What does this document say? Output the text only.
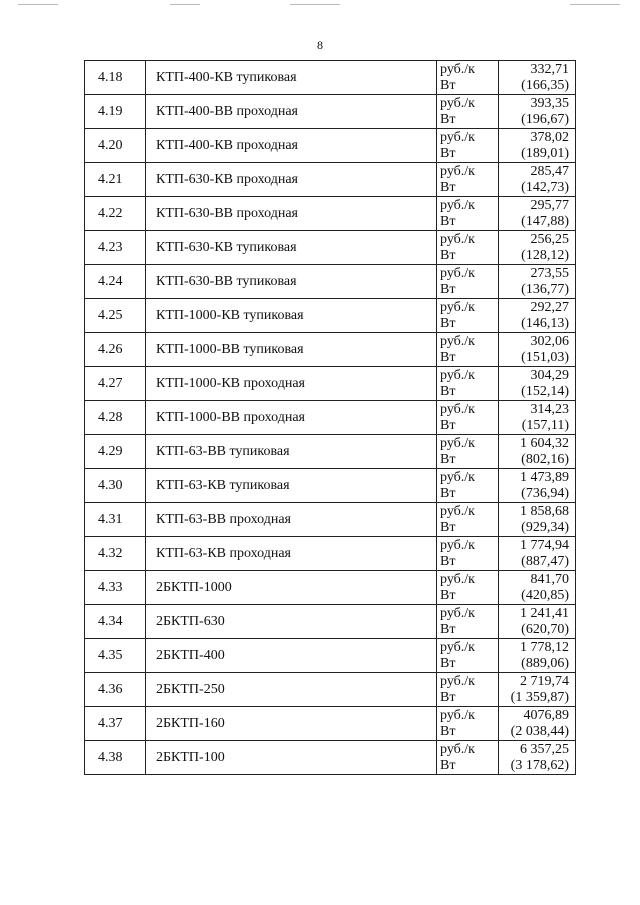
8
4.18	КТП-400-КВ тупиковая	руб./к
Вт	332,71
(166,35)

4.19	КТП-400-ВВ проходная	руб./к
Вт	393,35
(196,67)

4.20	КТП-400-КВ проходная	руб./к
Вт	378,02
(189,01)

4.21	КТП-630-КВ проходная	руб./к
Вт	285,47
(142,73)

4.22	КТП-630-ВВ проходная	руб./к
Вт	295,77
(147,88)

4.23	КТП-630-КВ тупиковая	руб./к
Вт	256,25
(128,12)

4.24	КТП-630-ВВ тупиковая	руб./к
Вт	273,55
(136,77)

4.25	КТП-1000-КВ тупиковая	руб./к
Вт	292,27
(146,13)

4.26	КТП-1000-ВВ тупиковая	руб./к
Вт	302,06
(151,03)

4.27	КТП-1000-КВ проходная	руб./к
Вт	304,29
(152,14)

4.28	КТП-1000-ВВ проходная	руб./к
Вт	314,23
(157,11)

4.29	КТП-63-ВВ тупиковая	руб./к
Вт	1 604,32
(802,16)

4.30	КТП-63-КВ тупиковая	руб./к
Вт	1 473,89
(736,94)

4.31	КТП-63-ВВ проходная	руб./к
Вт	1 858,68
(929,34)

4.32	КТП-63-КВ проходная	руб./к
Вт	1 774,94
(887,47)

4.33	2БКТП-1000	руб./к
Вт	841,70
(420,85)

4.34	2БКТП-630	руб./к
Вт	1 241,41
(620,70)

4.35	2БКТП-400	руб./к
Вт	1 778,12
(889,06)

4.36	2БКТП-250	руб./к
Вт	2 719,74
(1 359,87)

4.37	2БКТП-160	руб./к
Вт	4076,89
(2 038,44)

4.38	2БКТП-100	руб./к
Вт	6 357,25
(3 178,62)
